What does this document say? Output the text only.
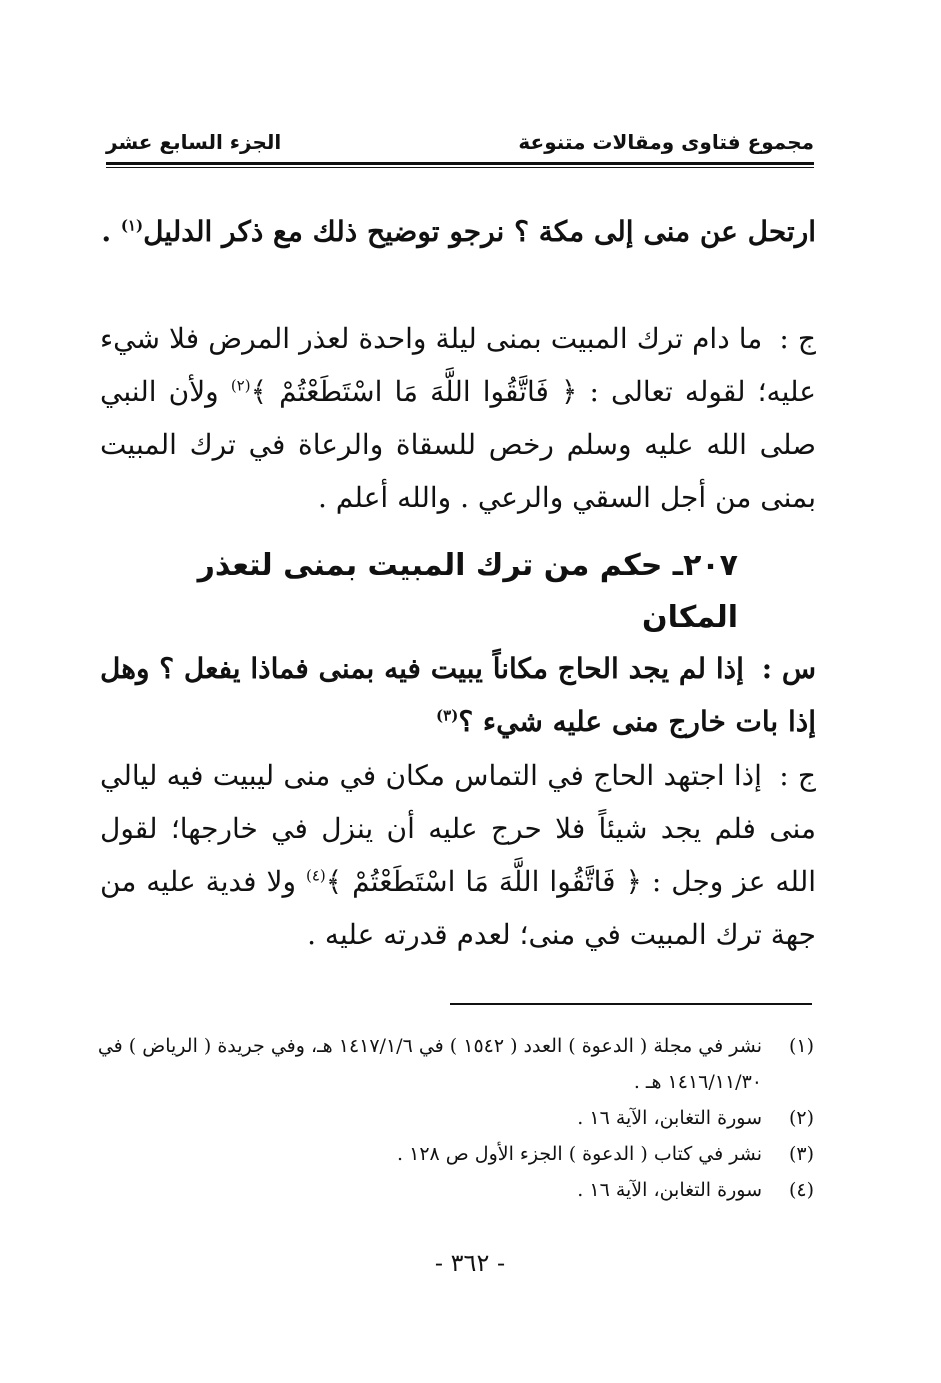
مجموع فتاوى ومقالات متنوعة
الجزء السابع عشر

ارتحل عن منى إلى مكة ؟ نرجو توضيح ذلك مع ذكر الدليل$^{(١)}$ .

ج : ما دام ترك المبيت بمنى ليلة واحدة لعذر المرض فلا شيء عليه؛ لقوله تعالى : ﴿ فَاتَّقُوا اللَّهَ مَا اسْتَطَعْتُمْ ﴾$^{(٢)}$ ولأن النبي صلى الله عليه وسلم رخص للسقاة والرعاة في ترك المبيت بمنى من أجل السقي والرعي . والله أعلم .

٢٠٧ـ حكم من ترك المبيت بمنى لتعذر المكان

س : إذا لم يجد الحاج مكاناً يبيت فيه بمنى فماذا يفعل ؟ وهل إذا بات خارج منى عليه شيء ؟$^{(٣)}$

ج : إذا اجتهد الحاج في التماس مكان في منى ليبيت فيه ليالي منى فلم يجد شيئاً فلا حرج عليه أن ينزل في خارجها؛ لقول الله عز وجل : ﴿ فَاتَّقُوا اللَّهَ مَا اسْتَطَعْتُمْ ﴾$^{(٤)}$ ولا فدية عليه من جهة ترك المبيت في منى؛ لعدم قدرته عليه .

(١)
نشر في مجلة ( الدعوة ) العدد ( ١٥٤٢ ) في ١٤١٧/١/٦ هـ، وفي جريدة ( الرياض ) في ١٤١٦/١١/٣٠ هـ .

(٢)
سورة التغابن، الآية ١٦ .

(٣)
نشر في كتاب ( الدعوة ) الجزء الأول ص ١٢٨ .

(٤)
سورة التغابن، الآية ١٦ .

- ٣٦٢ -
